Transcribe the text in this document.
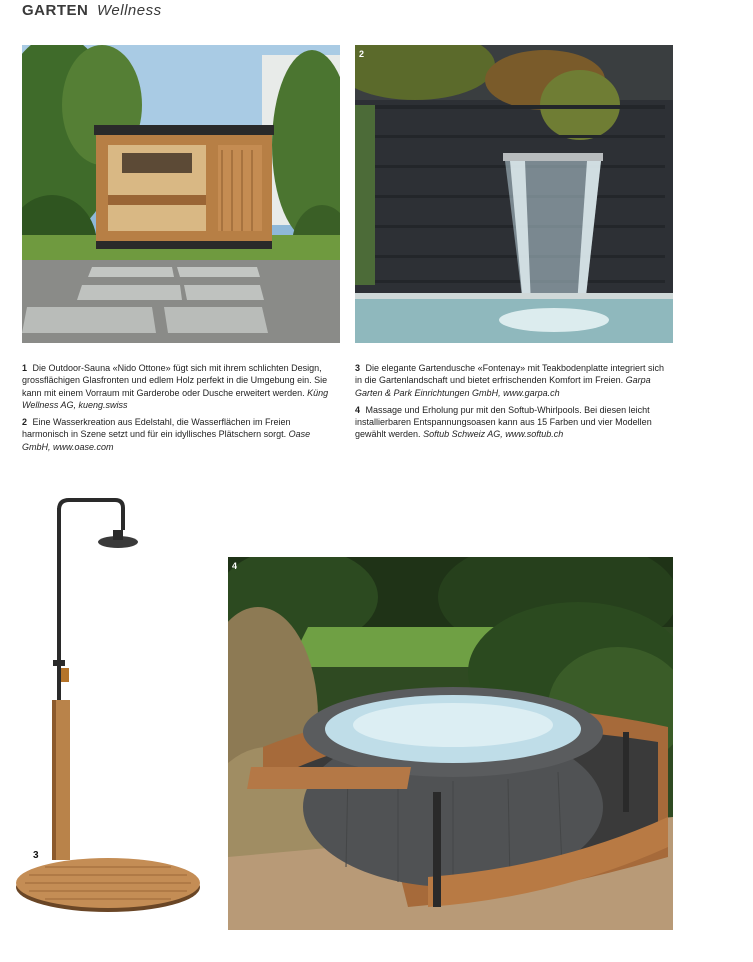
GARTEN Wellness
2

1 Die Outdoor-Sauna «Nido Ottone» fügt sich mit ihrem schlichten Design, grossflächigen Glasfronten und edlem Holz perfekt in die Umgebung ein. Sie kann mit einem Vorraum mit Garderobe oder Dusche erweitert werden. Küng Wellness AG, kueng.swiss

2 Eine Wasserkreation aus Edelstahl, die Wasserflächen im Freien harmonisch in Szene setzt und für ein idyllisches Plätschern sorgt. Oase GmbH, www.oase.com

3 Die elegante Gartendusche «Fontenay» mit Teakbodenplatte integriert sich in die Gartenlandschaft und bietet erfrischenden Komfort im Freien. Garpa Garten & Park Einrichtungen GmbH, www.garpa.ch

4 Massage und Erholung pur mit den Softub-Whirlpools. Bei diesen leicht installierbaren Entspannungsoasen kann aus 15 Farben und vier Modellen gewählt werden. Softub Schweiz AG, www.softub.ch

3
4
